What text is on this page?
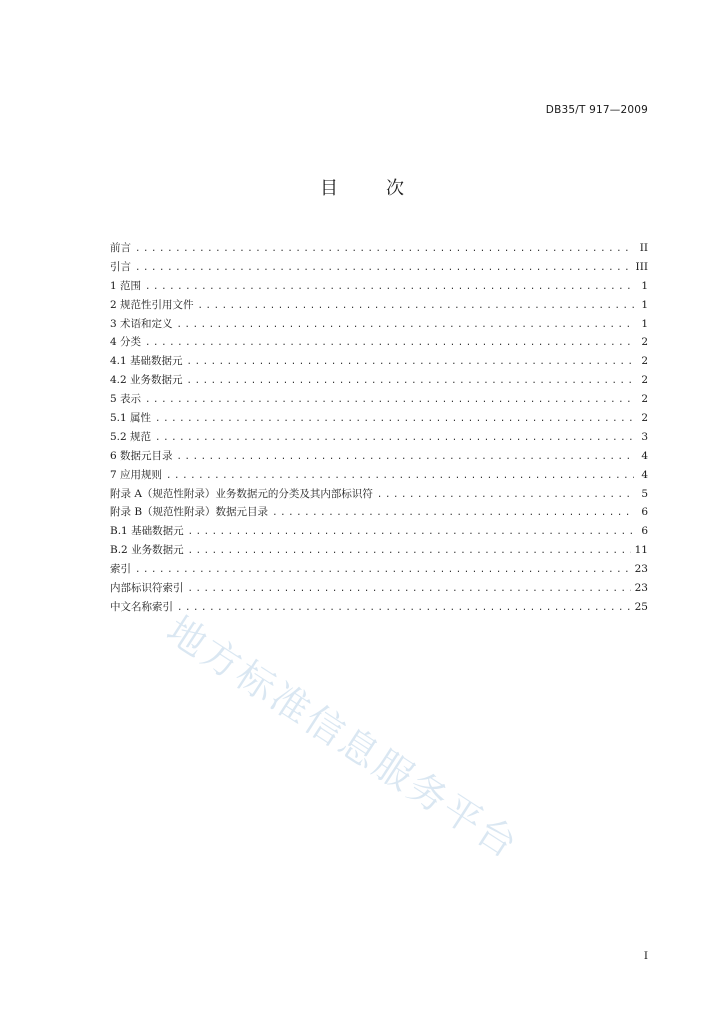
DB35/T 917—2009

目	次
前言 .....	II
引言 .....	III
1 范围 .....	1
2 规范性引用文件 .....	1
3 术语和定义 .....	1
4 分类 .....	2
4.1 基础数据元 .....	2
4.2 业务数据元 .....	2
5 表示 .....	2
5.1 属性 .....	2
5.2 规范 .....	3
6 数据元目录 .....	4
7 应用规则 .....	4
附录 A（规范性附录）业务数据元的分类及其内部标识符 .....	5
附录 B（规范性附录）数据元目录 .....	6
B.1 基础数据元 .....	6
B.2 业务数据元 .....	11
索引 .....	23
内部标识符索引 .....	23
中文名称索引 .....	25
地方标准信息服务平台

I
